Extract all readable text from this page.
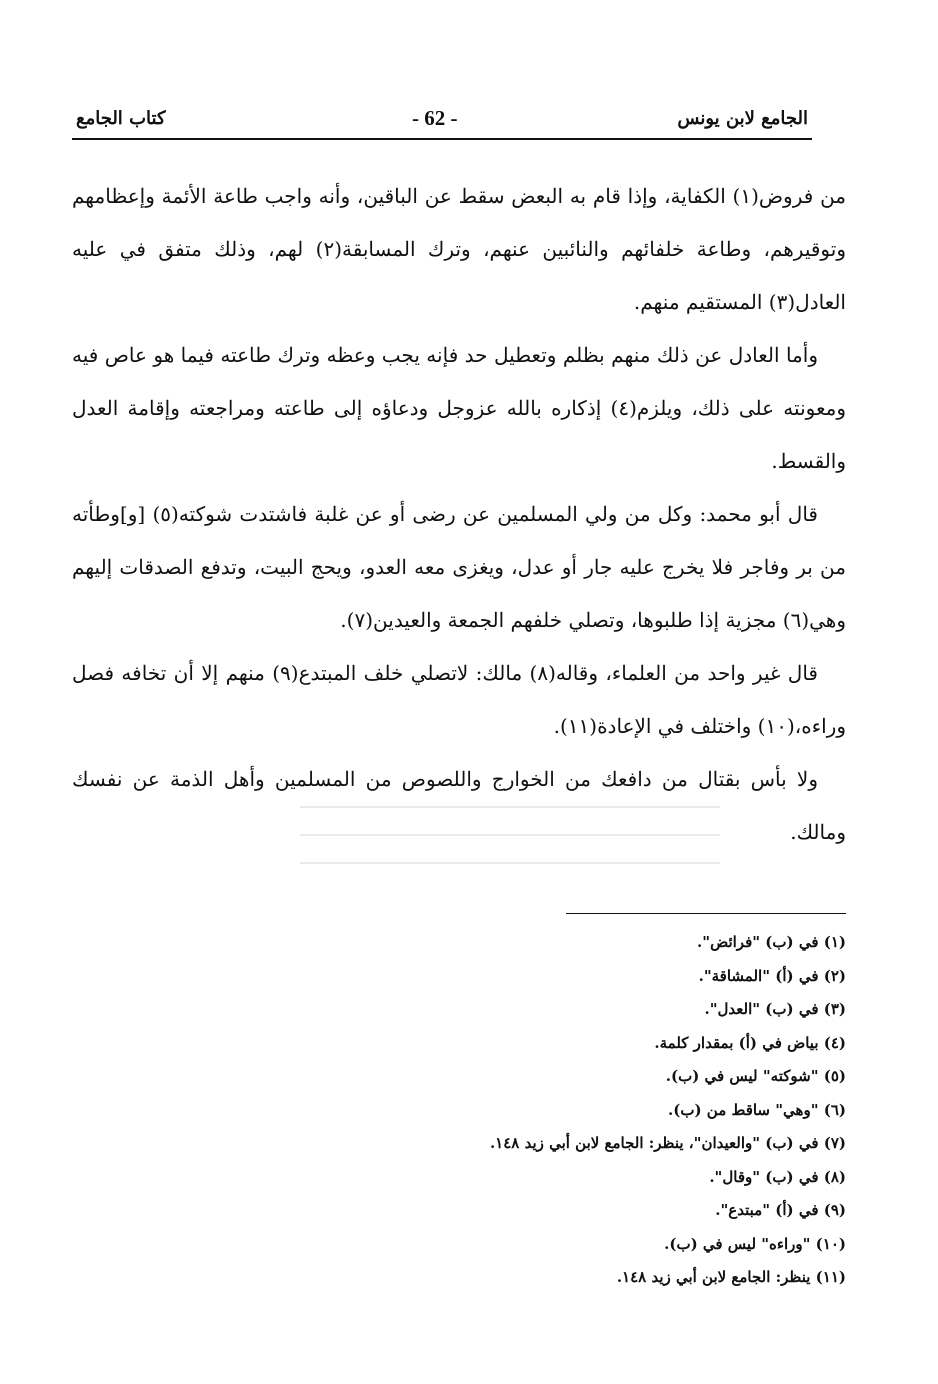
الجامع لابن يونس
- 62 -
كتاب الجامع

من فروض(١) الكفاية، وإذا قام به البعض سقط عن الباقين، وأنه واجب طاعة الأئمة وإعظامهم وتوقيرهم، وطاعة خلفائهم والنائبين عنهم، وترك المسابقة(٢) لهم، وذلك متفق في عليه العادل(٣) المستقيم منهم.

وأما العادل عن ذلك منهم بظلم وتعطيل حد فإنه يجب وعظه وترك طاعته فيما هو عاص فيه ومعونته على ذلك، ويلزم(٤) إذكاره بالله عزوجل ودعاؤه إلى طاعته ومراجعته وإقامة العدل والقسط.

قال أبو محمد: وكل من ولي المسلمين عن رضى أو عن غلبة فاشتدت شوكته(٥) [و]وطأته من بر وفاجر فلا يخرج عليه جار أو عدل، ويغزى معه العدو، ويحج البيت، وتدفع الصدقات إليهم وهي(٦) مجزية إذا طلبوها، وتصلي خلفهم الجمعة والعيدين(٧).

قال غير واحد من العلماء، وقاله(٨) مالك: لاتصلي خلف المبتدع(٩) منهم إلا أن تخافه فصل وراءه،(١٠) واختلف في الإعادة(١١).

ولا بأس بقتال من دافعك من الخوارج واللصوص من المسلمين وأهل الذمة عن نفسك ومالك.

(١) في (ب) "فرائض".
(٢) في (أ) "المشاقة".
(٣) في (ب) "العدل".
(٤) بياض في (أ) بمقدار كلمة.
(٥) "شوكته" ليس في (ب).
(٦) "وهي" ساقط من (ب).
(٧) في (ب) "والعيدان"، ينظر: الجامع لابن أبي زيد ١٤٨.
(٨) في (ب) "وقال".
(٩) في (أ) "مبتدع".
(١٠) "وراءه" ليس في (ب).
(١١) ينظر: الجامع لابن أبي زيد ١٤٨.
